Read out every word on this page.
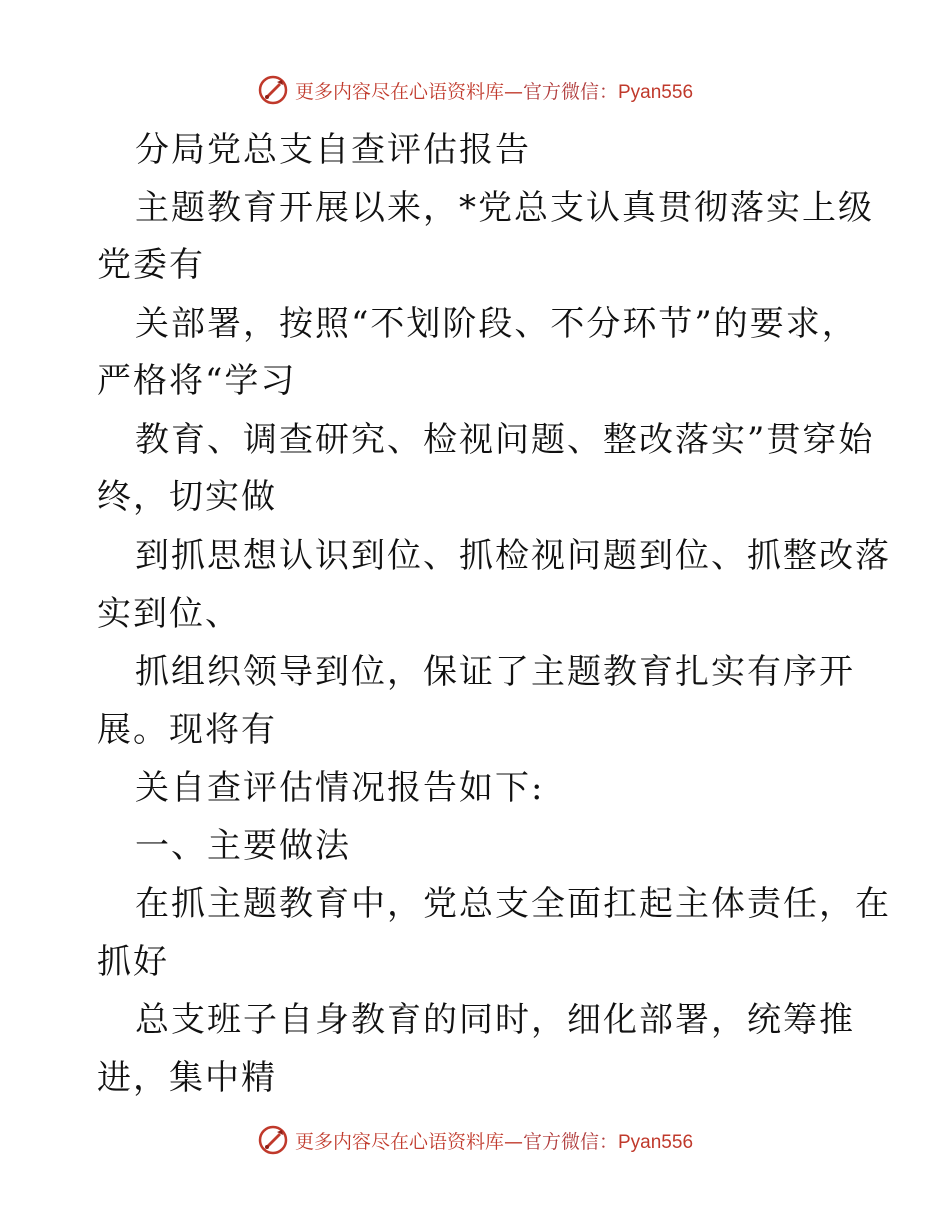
更多内容尽在心语资料库—官方微信：Pyan556
分局党总支自查评估报告
主题教育开展以来，*党总支认真贯彻落实上级
党委有
关部署，按照“不划阶段、不分环节”的要求，
严格将“学习
教育、调查研究、检视问题、整改落实”贯穿始
终，切实做
到抓思想认识到位、抓检视问题到位、抓整改落
实到位、
抓组织领导到位，保证了主题教育扎实有序开
展。现将有
关自查评估情况报告如下:
一、主要做法
在抓主题教育中，党总支全面扛起主体责任，在
抓好
总支班子自身教育的同时，细化部署，统筹推
进，集中精
更多内容尽在心语资料库—官方微信：Pyan556
